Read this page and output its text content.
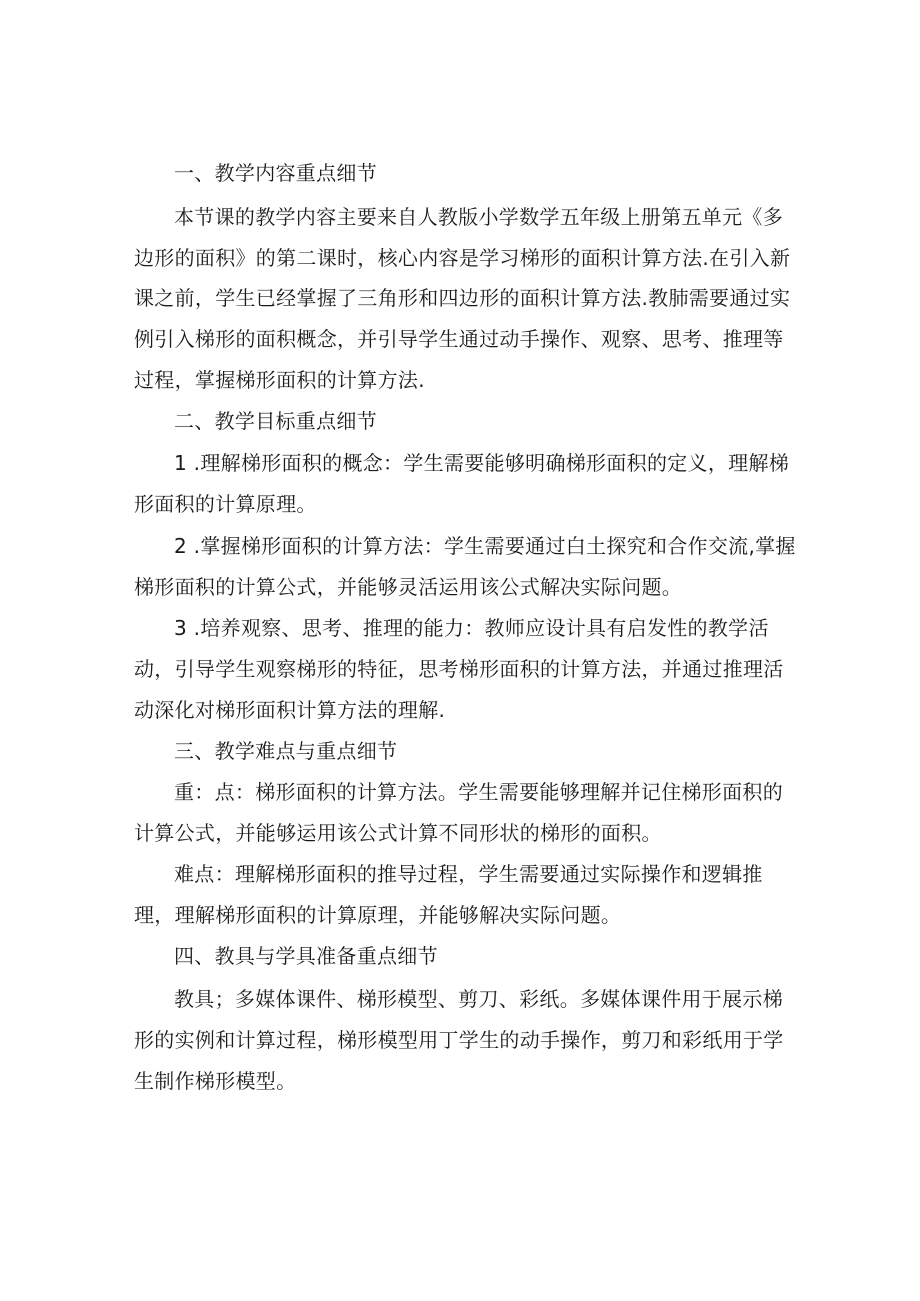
一、教学内容重点细节
本节课的教学内容主要来自人教版小学数学五年级上册第五单元《多
边形的面积》的第二课时，核心内容是学习梯形的面积计算方法.在引入新
课之前，学生已经掌握了三角形和四边形的面积计算方法.教肺需要通过实
例引入梯形的面积概念，并引导学生通过动手操作、观察、思考、推理等
过程，掌握梯形面积的计算方法.
二、教学目标重点细节
1 .理解梯形面积的概念：学生需要能够明确梯形面积的定义，理解梯
形面积的计算原理。
2 .掌握梯形面积的计算方法：学生需要通过白土探究和合作交流,掌握
梯形面积的计算公式，并能够灵活运用该公式解决实际问题。
3 .培养观察、思考、推理的能力：教师应设计具有启发性的教学活
动，引导学生观察梯形的特征，思考梯形面积的计算方法，并通过推理活
动深化对梯形面积计算方法的理解.
三、教学难点与重点细节
重：点：梯形面积的计算方法。学生需要能够理解并记住梯形面积的
计算公式，并能够运用该公式计算不同形状的梯形的面积。
难点：理解梯形面积的推导过程，学生需要通过实际操作和逻辑推
理，理解梯形面积的计算原理，并能够解决实际问题。
四、教具与学具准备重点细节
教具；多媒体课件、梯形模型、剪刀、彩纸。多媒体课件用于展示梯
形的实例和计算过程，梯形模型用丁学生的动手操作，剪刀和彩纸用于学
生制作梯形模型。
